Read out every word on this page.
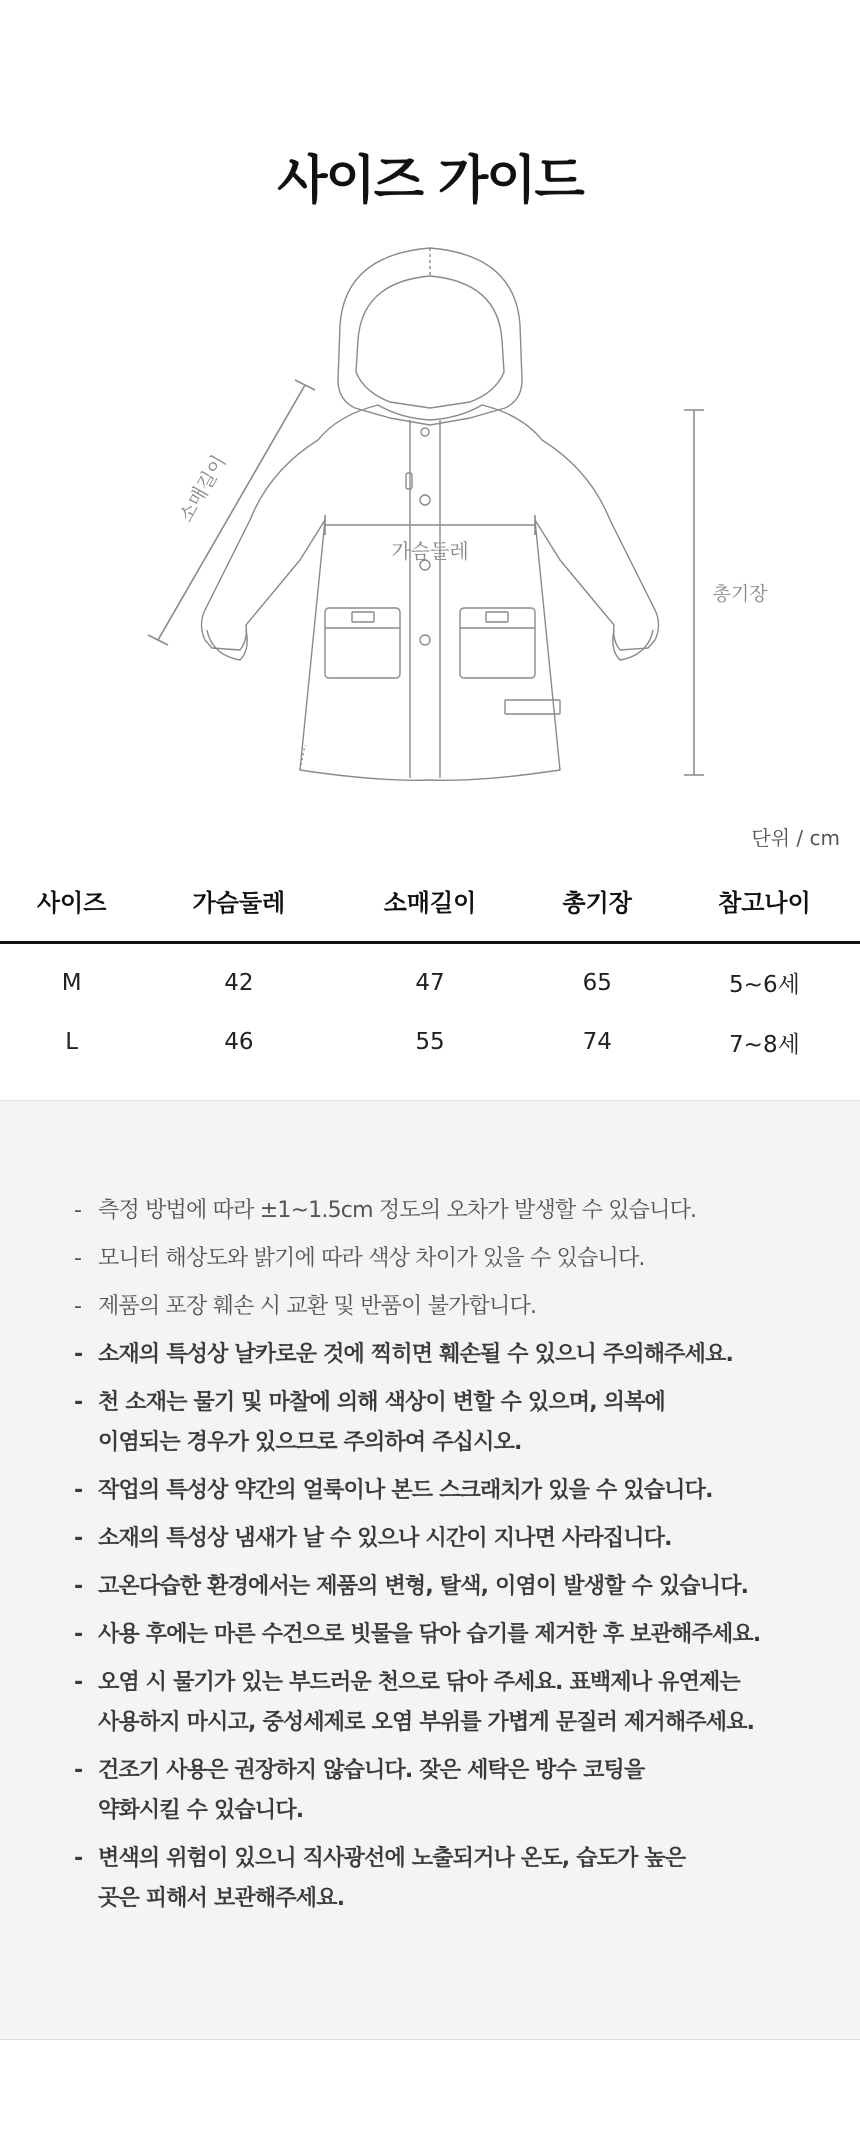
사이즈 가이드
소매길이
가슴둘레
총기장
단위 / cm
사이즈	가슴둘레	소매길이	총기장	참고나이
M	42	47	65	5~6세
L	46	55	74	7~8세
- 측정 방법에 따라 ±1~1.5cm 정도의 오차가 발생할 수 있습니다.
- 모니터 해상도와 밝기에 따라 색상 차이가 있을 수 있습니다.
- 제품의 포장 훼손 시 교환 및 반품이 불가합니다.
- 소재의 특성상 날카로운 것에 찍히면 훼손될 수 있으니 주의해주세요.
- 천 소재는 물기 및 마찰에 의해 색상이 변할 수 있으며, 의복에
이염되는 경우가 있으므로 주의하여 주십시오.
- 작업의 특성상 약간의 얼룩이나 본드 스크래치가 있을 수 있습니다.
- 소재의 특성상 냄새가 날 수 있으나 시간이 지나면 사라집니다.
- 고온다습한 환경에서는 제품의 변형, 탈색, 이염이 발생할 수 있습니다.
- 사용 후에는 마른 수건으로 빗물을 닦아 습기를 제거한 후 보관해주세요.
- 오염 시 물기가 있는 부드러운 천으로 닦아 주세요. 표백제나 유연제는
사용하지 마시고, 중성세제로 오염 부위를 가볍게 문질러 제거해주세요.
- 건조기 사용은 권장하지 않습니다. 잦은 세탁은 방수 코팅을
약화시킬 수 있습니다.
- 변색의 위험이 있으니 직사광선에 노출되거나 온도, 습도가 높은
곳은 피해서 보관해주세요.
